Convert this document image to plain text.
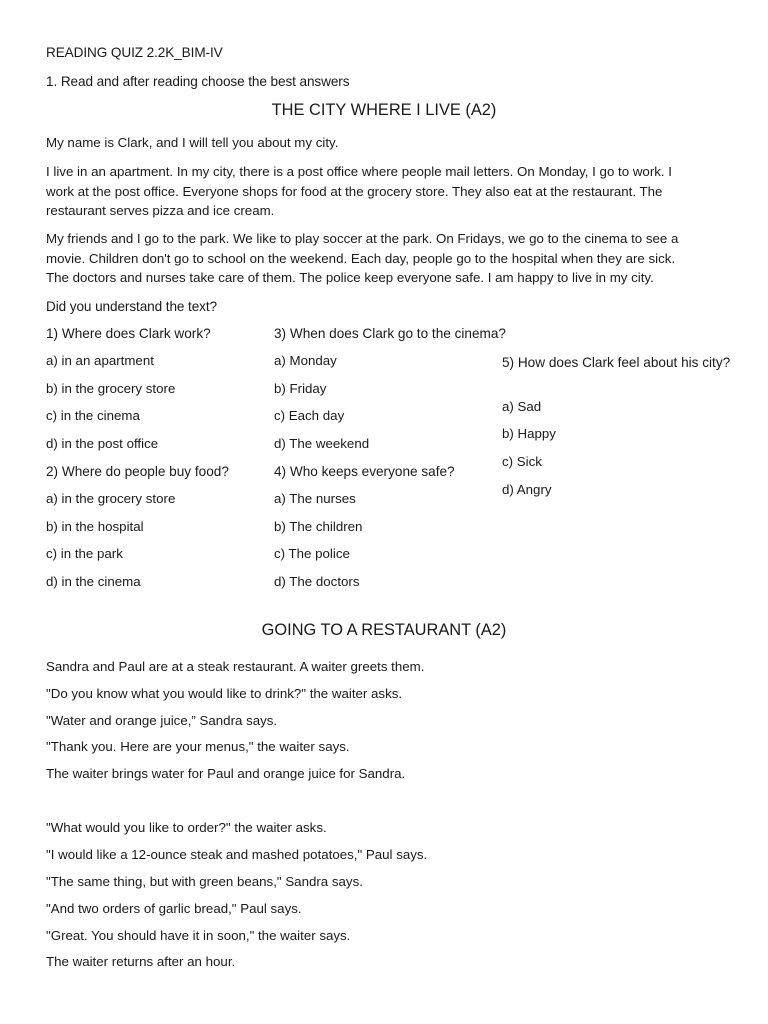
READING QUIZ 2.2K_BIM-IV
1. Read and after reading choose the best answers
THE CITY WHERE I LIVE (A2)
My name is Clark, and I will tell you about my city.

I live in an apartment. In my city, there is a post office where people mail letters. On Monday, I go to work. I

work at the post office. Everyone shops for food at the grocery store. They also eat at the restaurant. The

restaurant serves pizza and ice cream.

My friends and I go to the park. We like to play soccer at the park. On Fridays, we go to the cinema to see a

movie. Children don't go to school on the weekend. Each day, people go to the hospital when they are sick.

The doctors and nurses take care of them. The police keep everyone safe. I am happy to live in my city.

Did you understand the text?
1) Where does Clark work?
a) in an apartment
b) in the grocery store
c) in the cinema
d) in the post office
2) Where do people buy food?
a) in the grocery store
b) in the hospital
c) in the park
d) in the cinema
3) When does Clark go to the cinema?
a) Monday
b) Friday
c) Each day
d) The weekend
4) Who keeps everyone safe?
a) The nurses
b) The children
c) The police
d) The doctors
5) How does Clark feel about his city?
a) Sad
b) Happy
c) Sick
d) Angry
GOING TO A RESTAURANT (A2)
Sandra and Paul are at a steak restaurant. A waiter greets them.
"Do you know what you would like to drink?" the waiter asks.
"Water and orange juice,” Sandra says.
"Thank you. Here are your menus," the waiter says.
The waiter brings water for Paul and orange juice for Sandra.
"What would you like to order?" the waiter asks.
"I would like a 12-ounce steak and mashed potatoes," Paul says.
"The same thing, but with green beans," Sandra says.
"And two orders of garlic bread," Paul says.
"Great. You should have it in soon," the waiter says.
The waiter returns after an hour.
